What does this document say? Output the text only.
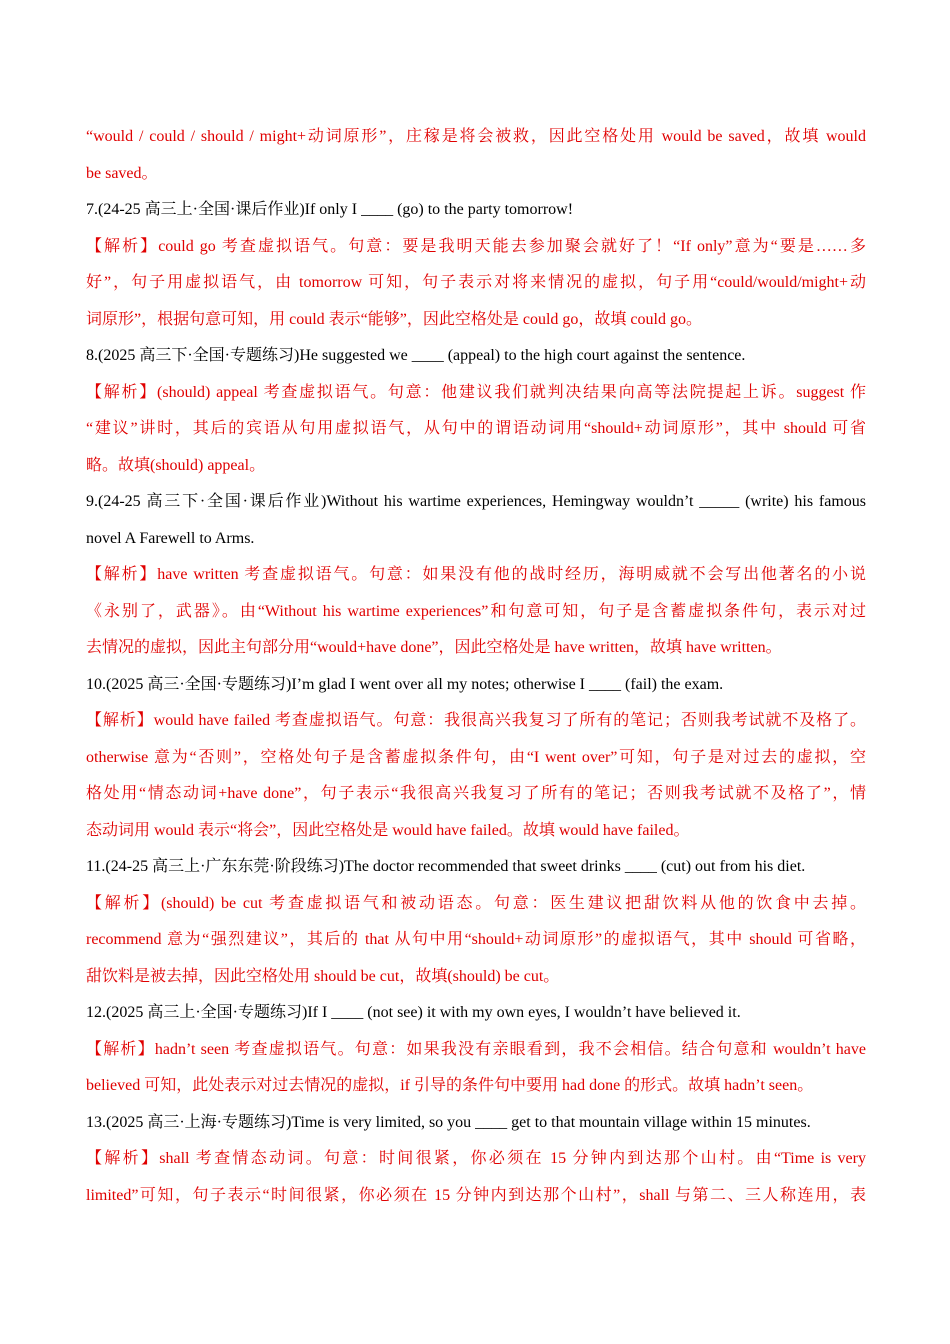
“would / could / should / might+动词原形”，庄稼是将会被救，因此空格处用 would be saved，故填 would
be saved。
7.(24-25 高三上·全国·课后作业)If only I ____ (go) to the party tomorrow!
【解析】could go 考查虚拟语气。句意：要是我明天能去参加聚会就好了！“If only”意为“要是……多
好”，句子用虚拟语气，由 tomorrow 可知，句子表示对将来情况的虚拟，句子用“could/would/might+动
词原形”，根据句意可知，用 could 表示“能够”，因此空格处是 could go，故填 could go。
8.(2025 高三下·全国·专题练习)He suggested we ____ (appeal) to the high court against the sentence.
【解析】(should) appeal 考查虚拟语气。句意：他建议我们就判决结果向高等法院提起上诉。suggest 作
“建议”讲时，其后的宾语从句用虚拟语气，从句中的谓语动词用“should+动词原形”，其中 should 可省
略。故填(should) appeal。
9.(24-25 高三下·全国·课后作业)Without his wartime experiences, Hemingway wouldn’t _____ (write) his famous
novel A Farewell to Arms.
【解析】have written 考查虚拟语气。句意：如果没有他的战时经历，海明威就不会写出他著名的小说
《永别了，武器》。由“Without his wartime experiences”和句意可知，句子是含蓄虚拟条件句，表示对过
去情况的虚拟，因此主句部分用“would+have done”，因此空格处是 have written，故填 have written。
10.(2025 高三·全国·专题练习)I’m glad I went over all my notes; otherwise I ____ (fail) the exam.
【解析】would have failed 考查虚拟语气。句意：我很高兴我复习了所有的笔记；否则我考试就不及格了。
otherwise 意为“否则”，空格处句子是含蓄虚拟条件句，由“I went over”可知，句子是对过去的虚拟，空
格处用“情态动词+have done”，句子表示“我很高兴我复习了所有的笔记；否则我考试就不及格了”，情
态动词用 would 表示“将会”，因此空格处是 would have failed。故填 would have failed。
11.(24-25 高三上·广东东莞·阶段练习)The doctor recommended that sweet drinks ____ (cut) out from his diet.
【解析】(should) be cut 考查虚拟语气和被动语态。句意：医生建议把甜饮料从他的饮食中去掉。
recommend 意为“强烈建议”，其后的 that 从句中用“should+动词原形”的虚拟语气，其中 should 可省略，
甜饮料是被去掉，因此空格处用 should be cut，故填(should) be cut。
12.(2025 高三上·全国·专题练习)If I ____ (not see) it with my own eyes, I wouldn’t have believed it.
【解析】hadn’t seen 考查虚拟语气。句意：如果我没有亲眼看到，我不会相信。结合句意和 wouldn’t have
believed 可知，此处表示对过去情况的虚拟，if 引导的条件句中要用 had done 的形式。故填 hadn’t seen。
13.(2025 高三·上海·专题练习)Time is very limited, so you ____ get to that mountain village within 15 minutes.
【解析】shall 考查情态动词。句意：时间很紧，你必须在 15 分钟内到达那个山村。由“Time is very
limited”可知，句子表示“时间很紧，你必须在 15 分钟内到达那个山村”，shall 与第二、三人称连用，表
